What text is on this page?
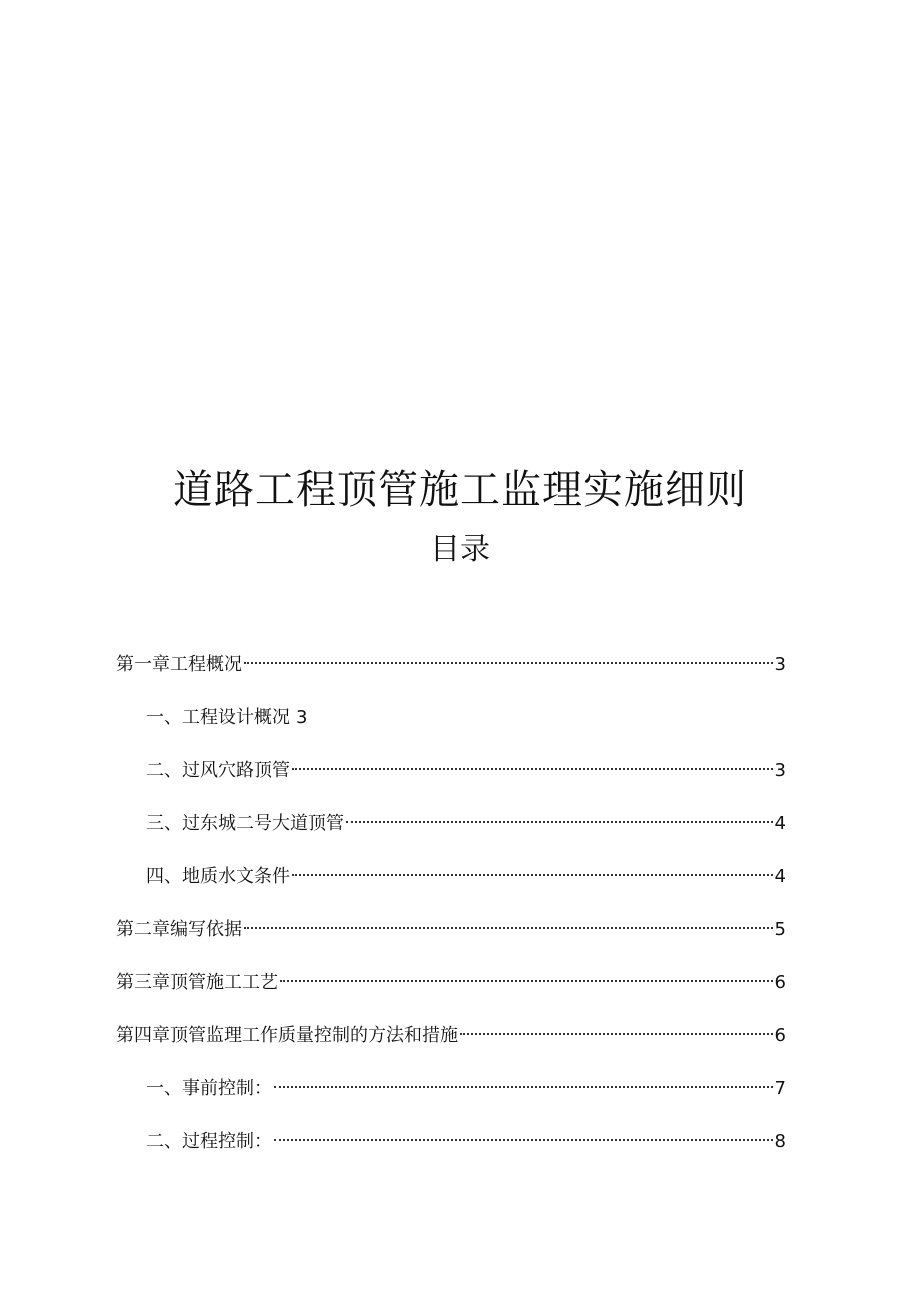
道路工程顶管施工监理实施细则
目录
第一章工程概况	3
一、工程设计概况 3
二、过风穴路顶管	3
三、过东城二号大道顶管	4
四、地质水文条件	4
第二章编写依据	5
第三章顶管施工工艺	6
第四章顶管监理工作质量控制的方法和措施	6
一、事前控制：	7
二、过程控制：	8
